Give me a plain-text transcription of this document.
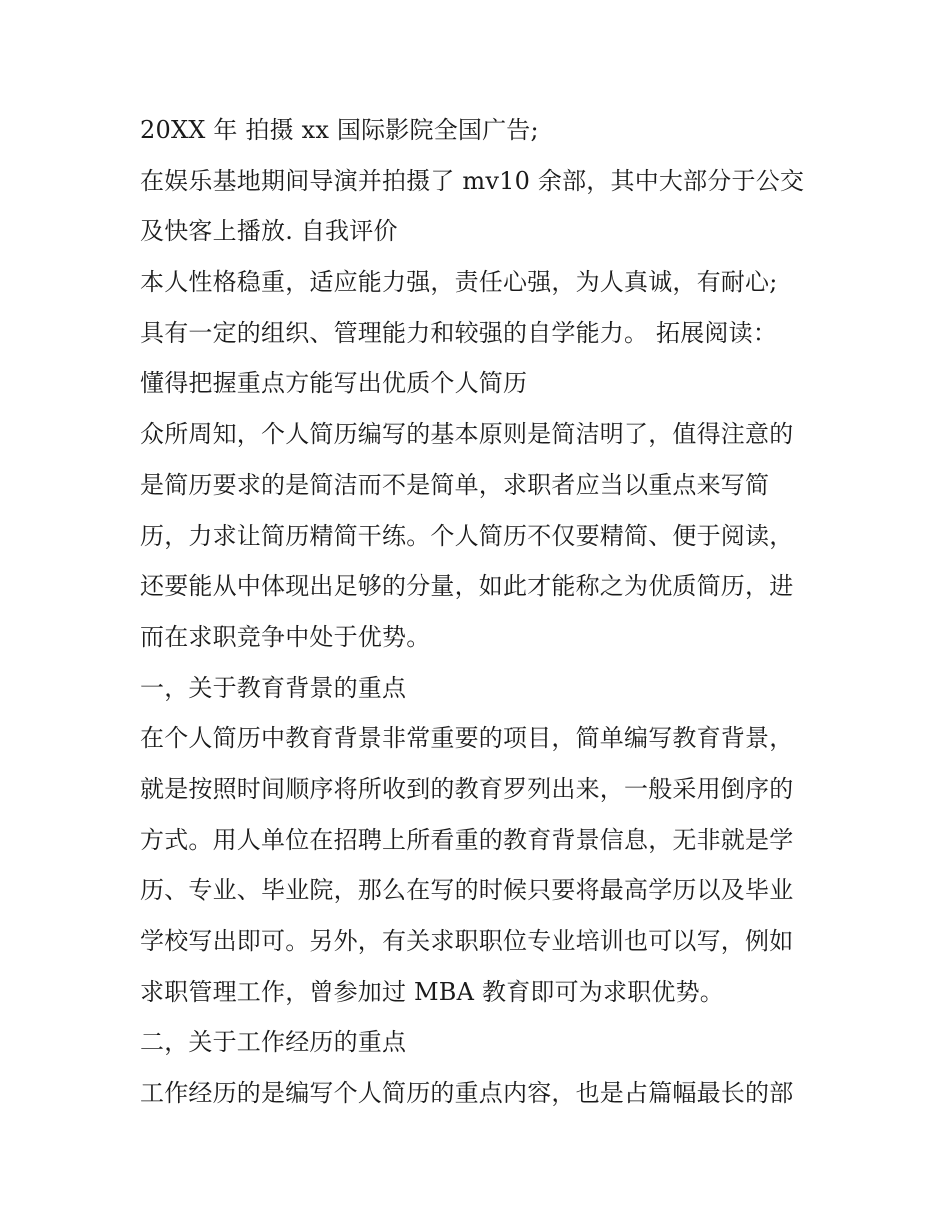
20XX 年 拍摄 xx 国际影院全国广告;
在娱乐基地期间导演并拍摄了 mv10 余部，其中大部分于公交
及快客上播放. 自我评价
本人性格稳重，适应能力强，责任心强，为人真诚，有耐心;
具有一定的组织、管理能力和较强的自学能力。 拓展阅读：
懂得把握重点方能写出优质个人简历
众所周知，个人简历编写的基本原则是简洁明了，值得注意的
是简历要求的是简洁而不是简单，求职者应当以重点来写简
历，力求让简历精简干练。个人简历不仅要精简、便于阅读，
还要能从中体现出足够的分量，如此才能称之为优质简历，进
而在求职竞争中处于优势。
一，关于教育背景的重点
在个人简历中教育背景非常重要的项目，简单编写教育背景，
就是按照时间顺序将所收到的教育罗列出来，一般采用倒序的
方式。用人单位在招聘上所看重的教育背景信息，无非就是学
历、专业、毕业院，那么在写的时候只要将最高学历以及毕业
学校写出即可。另外，有关求职职位专业培训也可以写，例如
求职管理工作，曾参加过 MBA 教育即可为求职优势。
二，关于工作经历的重点
工作经历的是编写个人简历的重点内容，也是占篇幅最长的部
